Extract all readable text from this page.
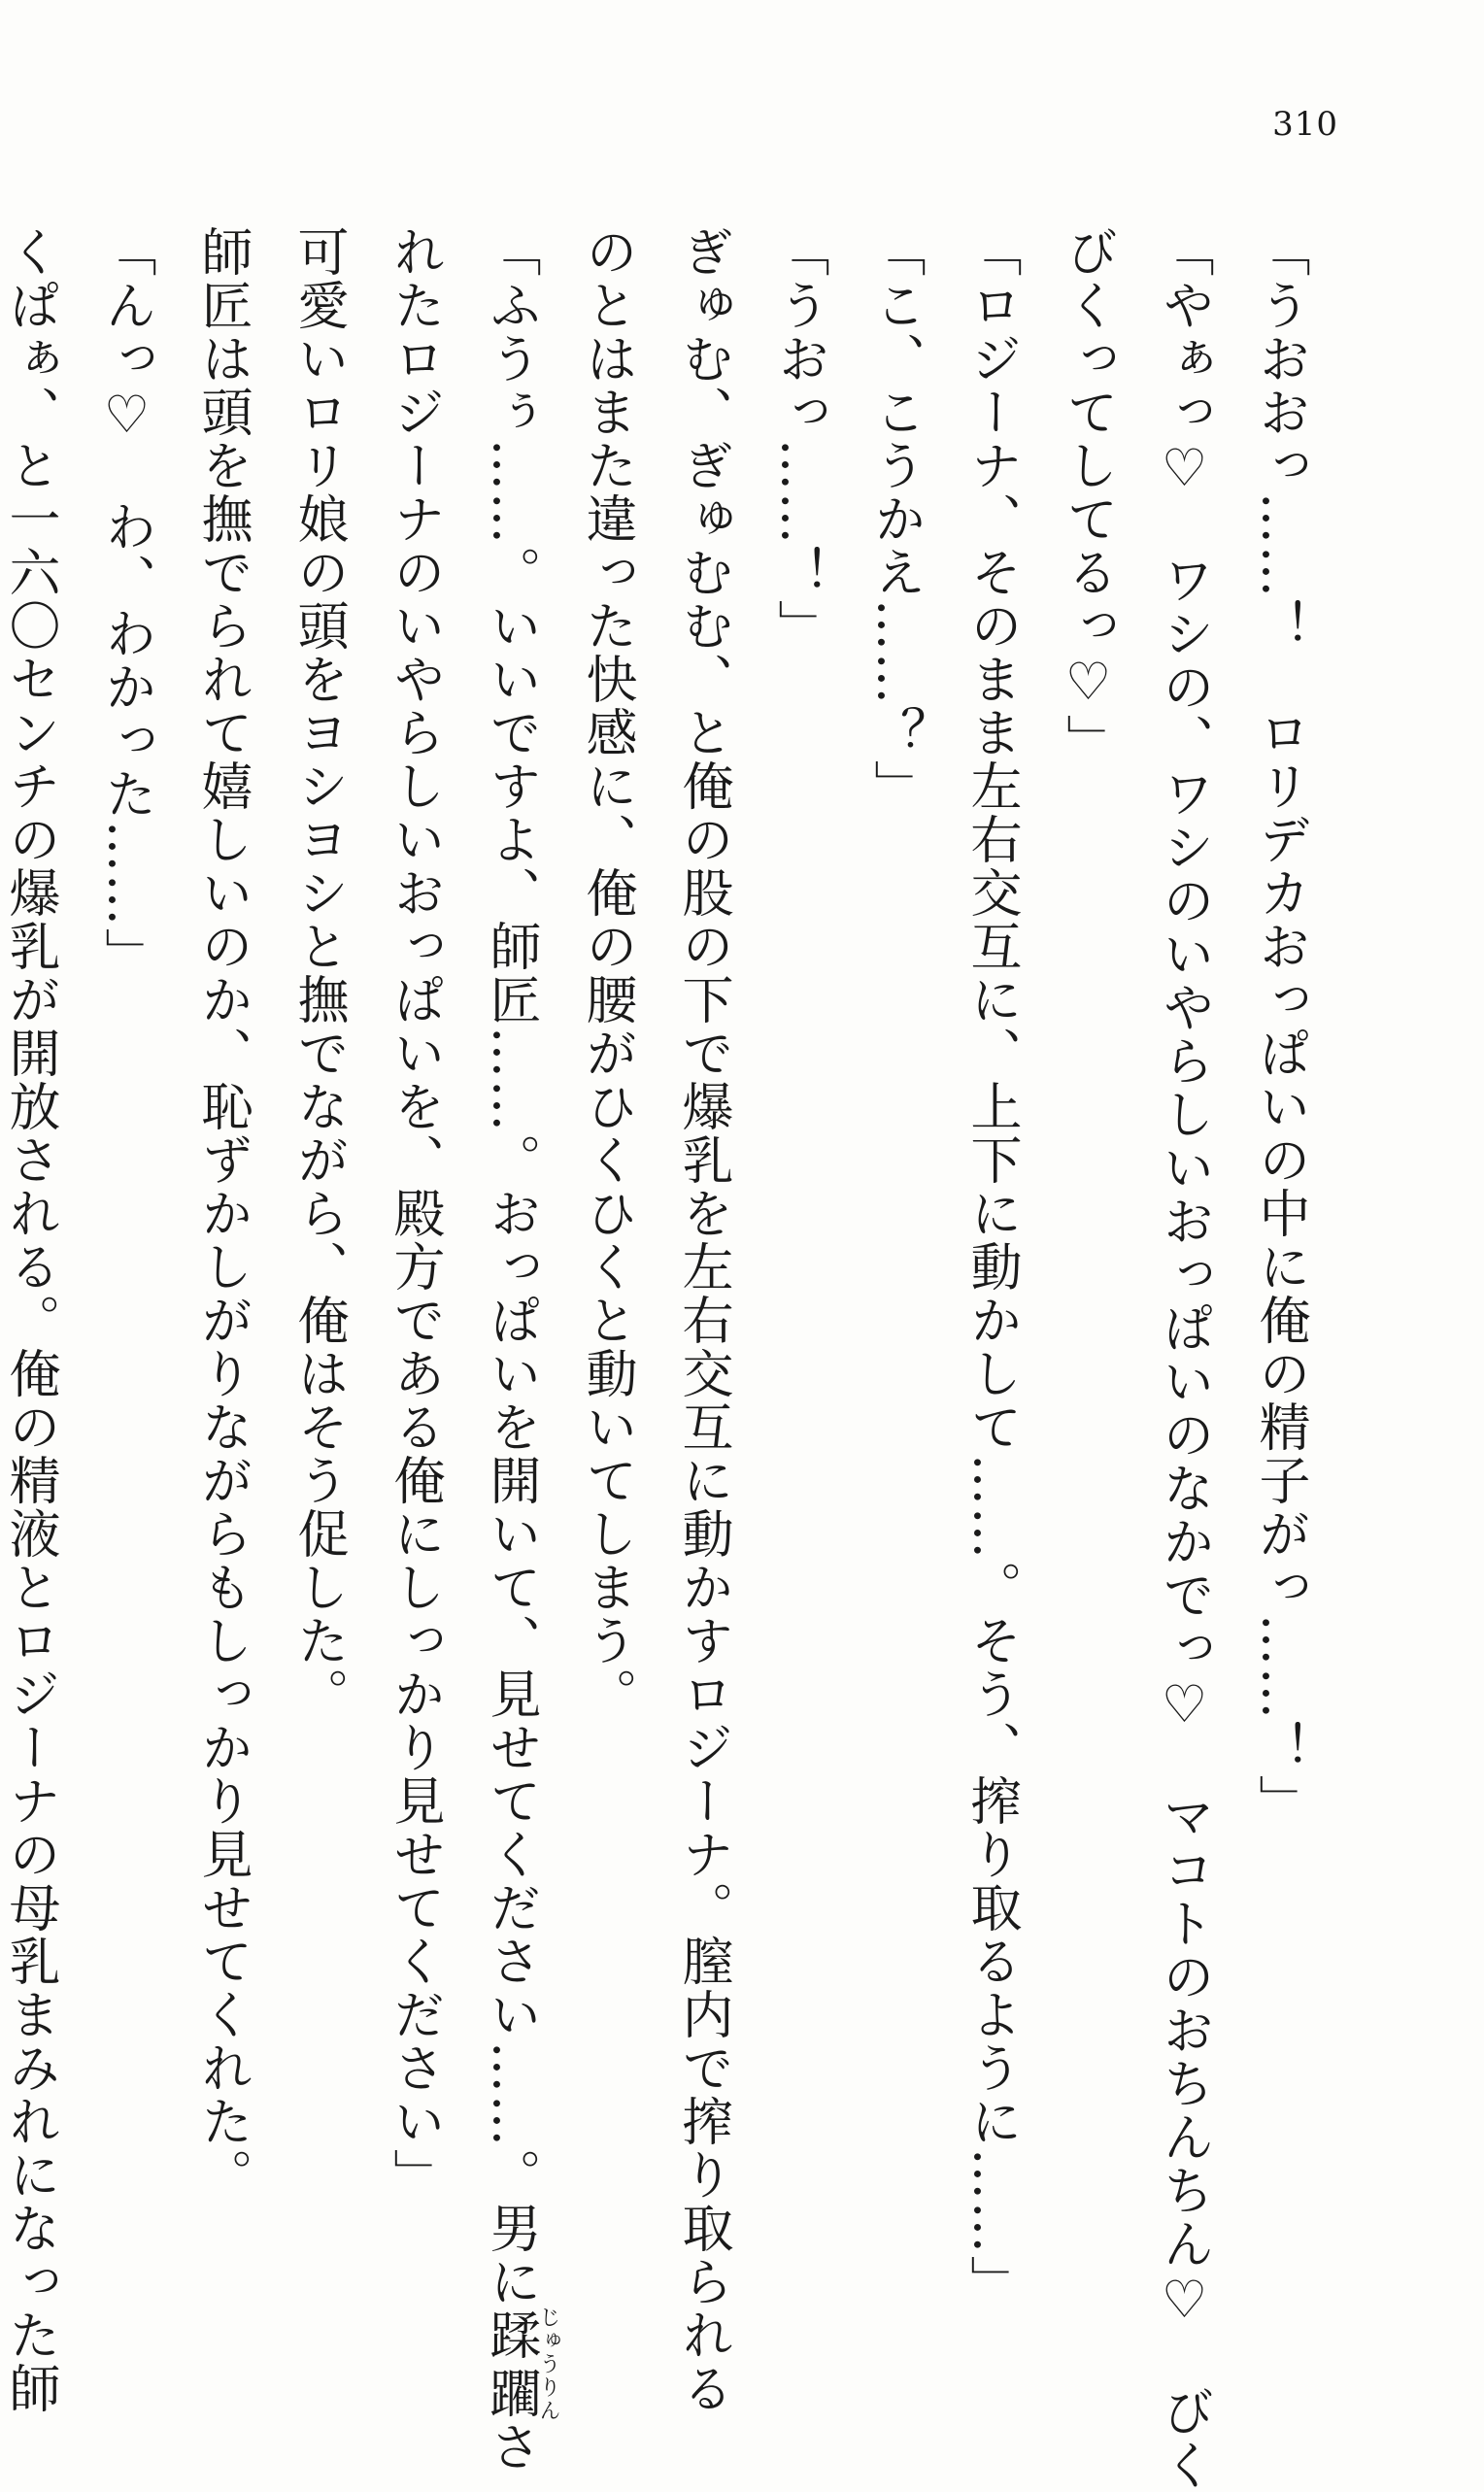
310
「うおおっ……！　ロリデカおっぱいの中に俺の精子がっ……！」
「やぁっ♡　ワシの、ワシのいやらしいおっぱいのなかでっ♡　マコトのおちんちん♡　びく
びくってしてるっ♡」
「ロジーナ、そのまま左右交互に、上下に動かして……。そう、搾り取るように……」
「こ、こうかえ……？」
「うおっ……！」
ぎゅむ、ぎゅむむ、と俺の股の下で爆乳を左右交互に動かすロジーナ。膣内で搾り取られる
のとはまた違った快感に、俺の腰がひくひくと動いてしまう。
「ふうぅ……。いいですよ、師匠……。おっぱいを開いて、見せてください……。男に蹂躙じゅうりんさ
れたロジーナのいやらしいおっぱいを、殿方である俺にしっかり見せてください」
可愛いロリ娘の頭をヨシヨシと撫でながら、俺はそう促した。
師匠は頭を撫でられて嬉しいのか、恥ずかしがりながらもしっかり見せてくれた。
「んっ♡　わ、わかった……」
くぱぁ、と一六〇センチの爆乳が開放される。俺の精液とロジーナの母乳まみれになった師
